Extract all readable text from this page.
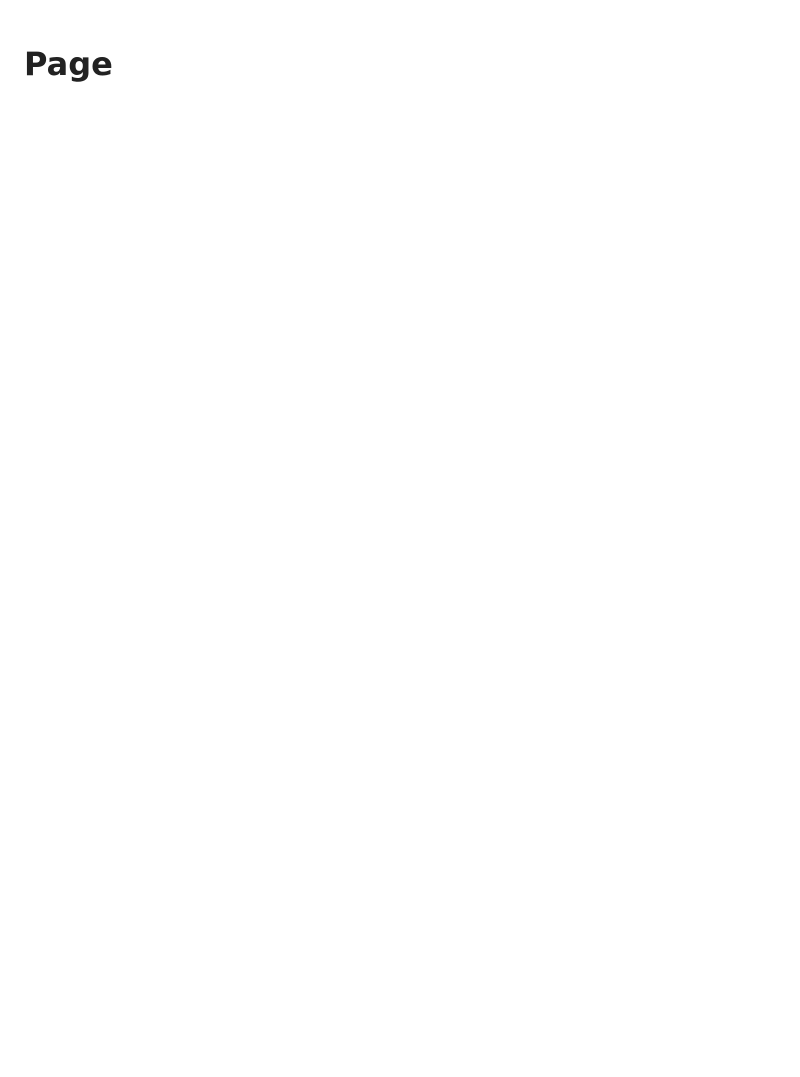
Page
